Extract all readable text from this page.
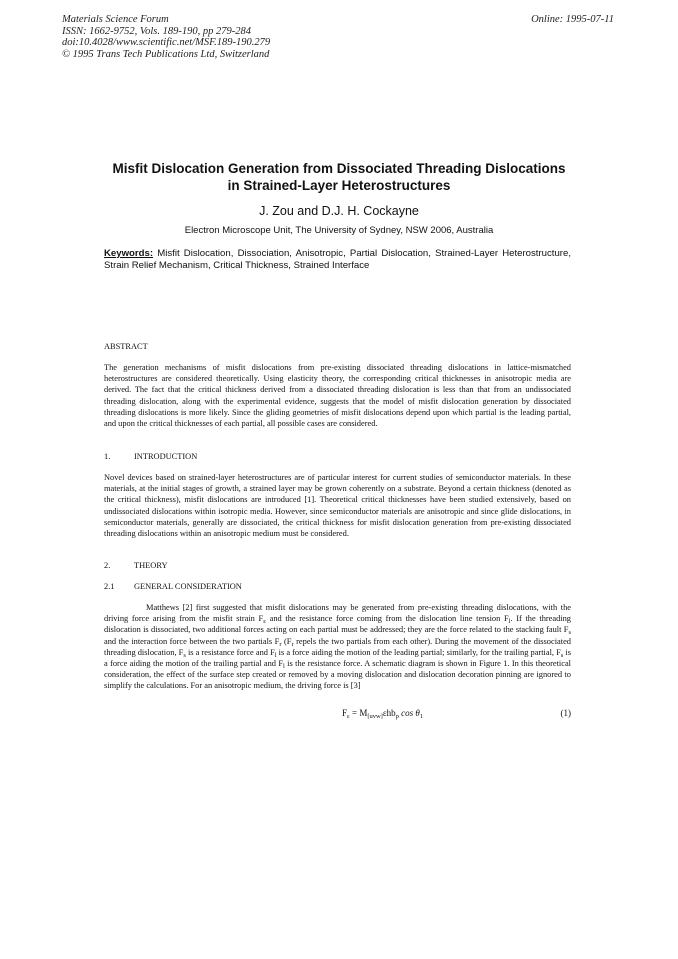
Materials Science Forum
ISSN: 1662-9752, Vols. 189-190, pp 279-284
doi:10.4028/www.scientific.net/MSF.189-190.279
© 1995 Trans Tech Publications Ltd, Switzerland
Online: 1995-07-11
Misfit Dislocation Generation from Dissociated Threading Dislocations
in Strained-Layer Heterostructures
J. Zou and D.J. H. Cockayne
Electron Microscope Unit, The University of Sydney, NSW 2006, Australia
Keywords: Misfit Dislocation, Dissociation, Anisotropic, Partial Dislocation, Strained-Layer Heterostructure, Strain Relief Mechanism, Critical Thickness, Strained Interface
ABSTRACT
The generation mechanisms of misfit dislocations from pre-existing dissociated threading dislocations in lattice-mismatched heterostructures are considered theoretically. Using elasticity theory, the corresponding critical thicknesses in anisotropic media are derived. The fact that the critical thickness derived from a dissociated threading dislocation is less than that from an undissociated threading dislocation, along with the experimental evidence, suggests that the model of misfit dislocation generation by dissociated threading dislocations is more likely. Since the gliding geometries of misfit dislocations depend upon which partial is the leading partial, and upon the critical thicknesses of each partial, all possible cases are considered.
1.	INTRODUCTION
Novel devices based on strained-layer heterostructures are of particular interest for current studies of semiconductor materials. In these materials, at the initial stages of growth, a strained layer may be grown coherently on a substrate. Beyond a certain thickness (denoted as the critical thickness), misfit dislocations are introduced [1]. Theoretical critical thicknesses have been studied extensively, based on undissociated dislocations within isotropic media. However, since semiconductor materials are anisotropic and since glide dislocations, in semiconductor materials, generally are dissociated, the critical thickness for misfit dislocation generation from pre-existing dissociated threading dislocations within an anisotropic medium must be considered.
2.	THEORY
2.1 GENERAL CONSIDERATION
Matthews [2] first suggested that misfit dislocations may be generated from pre-existing threading dislocations, with the driving force arising from the misfit strain $F_\varepsilon$ and the resistance force coming from the dislocation line tension $F_l$. If the threading dislocation is dissociated, two additional forces acting on each partial must be addressed; they are the force related to the stacking fault $F_s$ and the interaction force between the two partials $F_r$ ($F_r$ repels the two partials from each other). During the movement of the dissociated threading dislocation, $F_s$ is a resistance force and $F_l$ is a force aiding the motion of the leading partial; similarly, for the trailing partial, $F_s$ is a force aiding the motion of the trailing partial and $F_l$ is the resistance force. A schematic diagram is shown in Figure 1. In this theoretical consideration, the effect of the surface step created or removed by a moving dislocation and dislocation decoration pinning are ignored to simplify the calculations. For an anisotropic medium, the driving force is [3]
$F_\varepsilon = M_{[uvw]}\varepsilon hb_p$ $\cos \theta_1$	(1)
